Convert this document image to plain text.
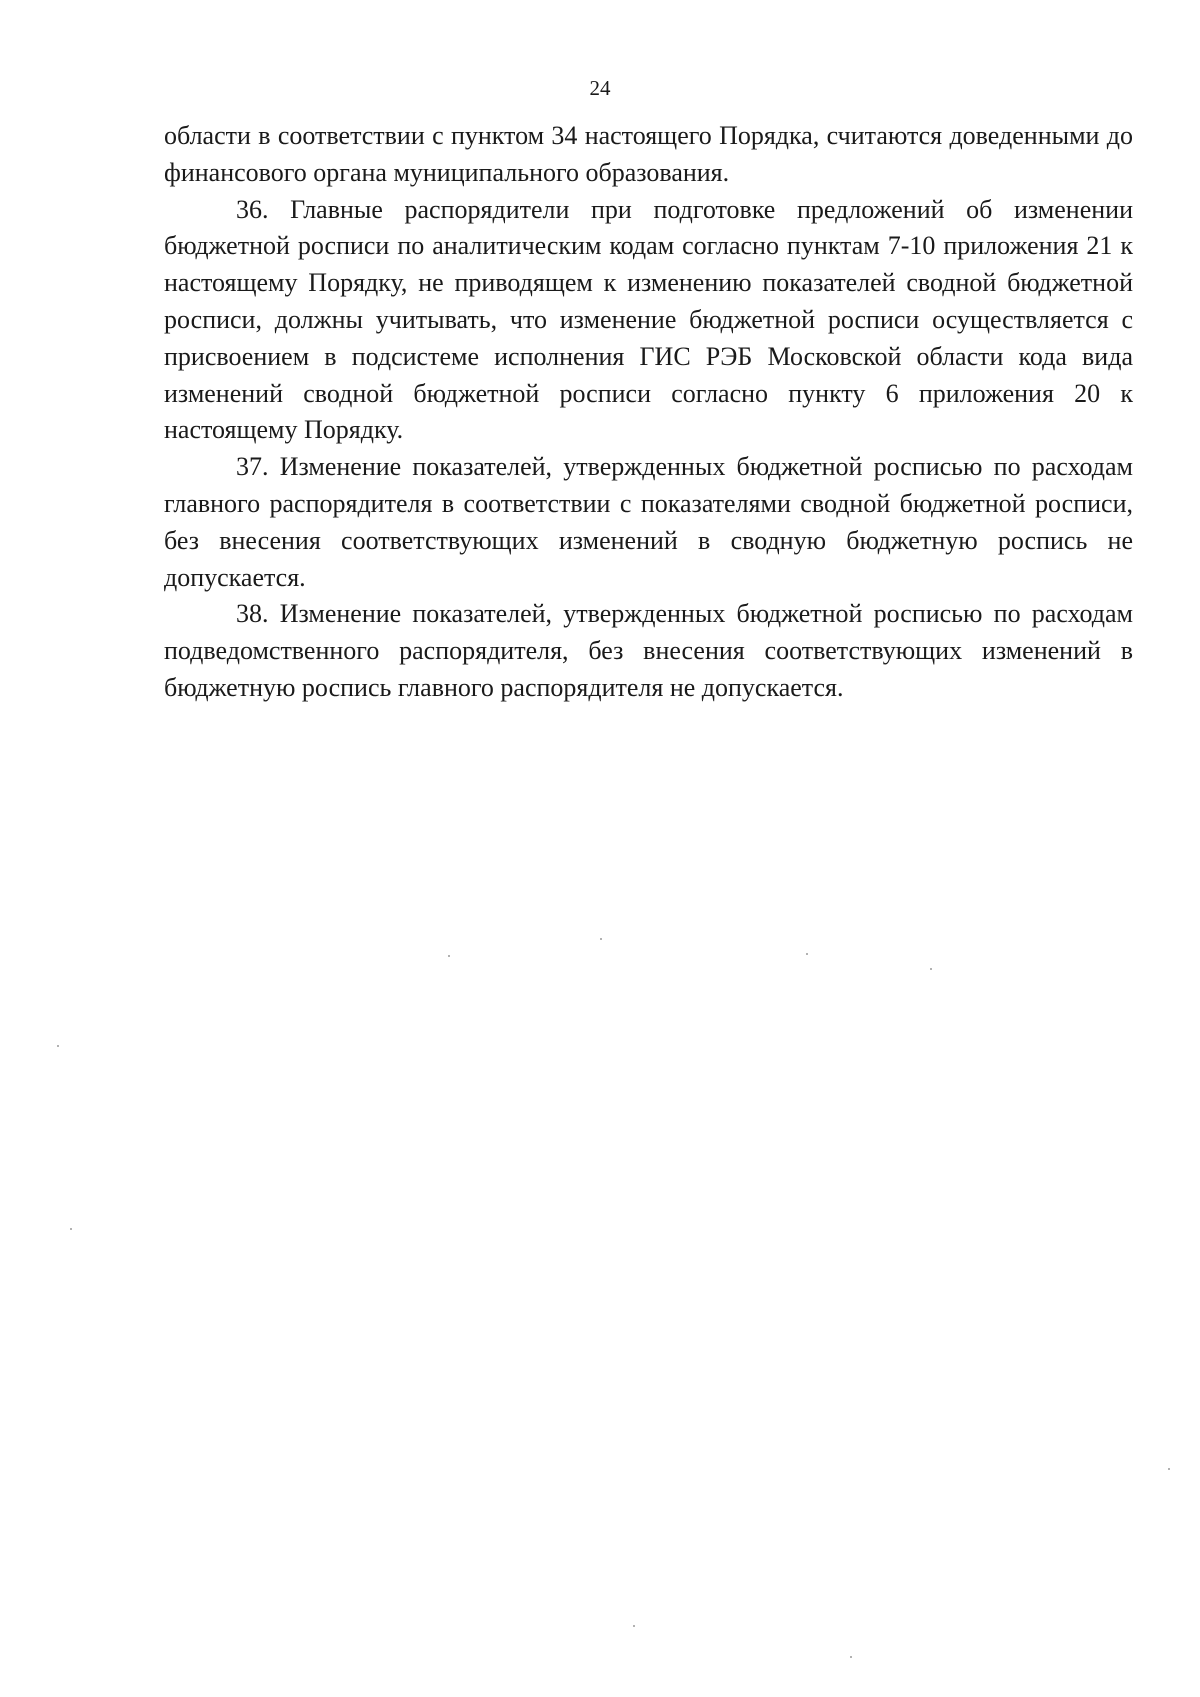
24

области в соответствии с пунктом 34 настоящего Порядка, считаются доведенными до финансового органа муниципального образования.

36. Главные распорядители при подготовке предложений об изменении бюджетной росписи по аналитическим кодам согласно пунктам 7-10 приложения 21 к настоящему Порядку, не приводящем к изменению показателей сводной бюджетной росписи, должны учитывать, что изменение бюджетной росписи осуществляется с присвоением в подсистеме исполнения ГИС РЭБ Московской области кода вида изменений сводной бюджетной росписи согласно пункту 6 приложения 20 к настоящему Порядку.

37. Изменение показателей, утвержденных бюджетной росписью по расходам главного распорядителя в соответствии с показателями сводной бюджетной росписи, без внесения соответствующих изменений в сводную бюджетную роспись не допускается.

38. Изменение показателей, утвержденных бюджетной росписью по расходам подведомственного распорядителя, без внесения соответствующих изменений в бюджетную роспись главного распорядителя не допускается.
